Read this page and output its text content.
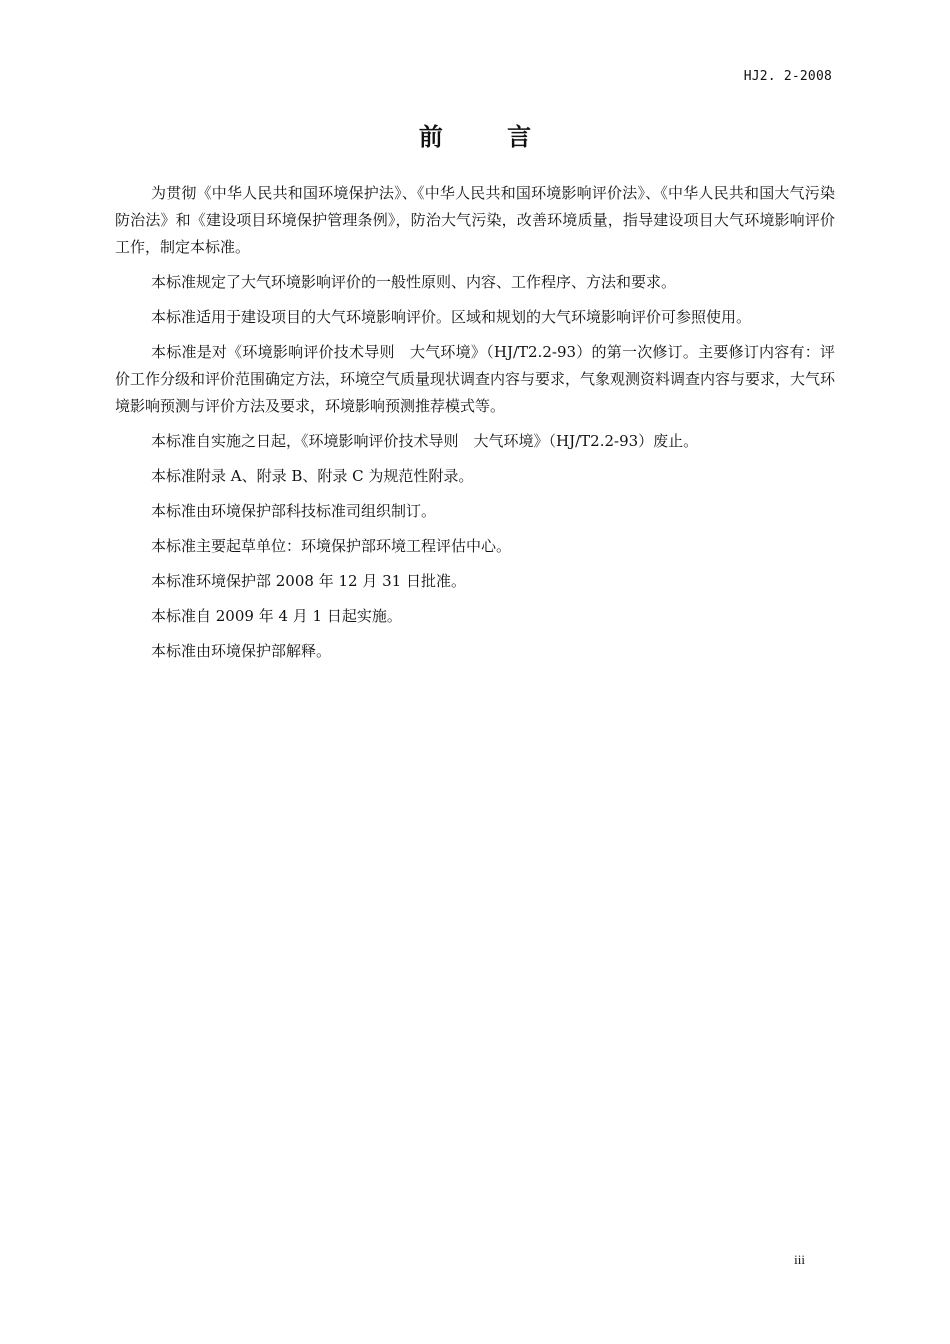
HJ2. 2-2008
前 言

为贯彻《中华人民共和国环境保护法》、《中华人民共和国环境影响评价法》、《中华人民共和国大气污染防治法》和《建设项目环境保护管理条例》，防治大气污染，改善环境质量，指导建设项目大气环境影响评价工作，制定本标准。

本标准规定了大气环境影响评价的一般性原则、内容、工作程序、方法和要求。

本标准适用于建设项目的大气环境影响评价。区域和规划的大气环境影响评价可参照使用。

本标准是对《环境影响评价技术导则　大气环境》（HJ/T2.2-93）的第一次修订。主要修订内容有：评价工作分级和评价范围确定方法，环境空气质量现状调查内容与要求，气象观测资料调查内容与要求，大气环境影响预测与评价方法及要求，环境影响预测推荐模式等。

本标准自实施之日起，《环境影响评价技术导则　大气环境》（HJ/T2.2-93）废止。

本标准附录 A、附录 B、附录 C 为规范性附录。

本标准由环境保护部科技标准司组织制订。

本标准主要起草单位：环境保护部环境工程评估中心。

本标准环境保护部 2008 年 12 月 31 日批准。

本标准自 2009 年 4 月 1 日起实施。

本标准由环境保护部解释。

iii
